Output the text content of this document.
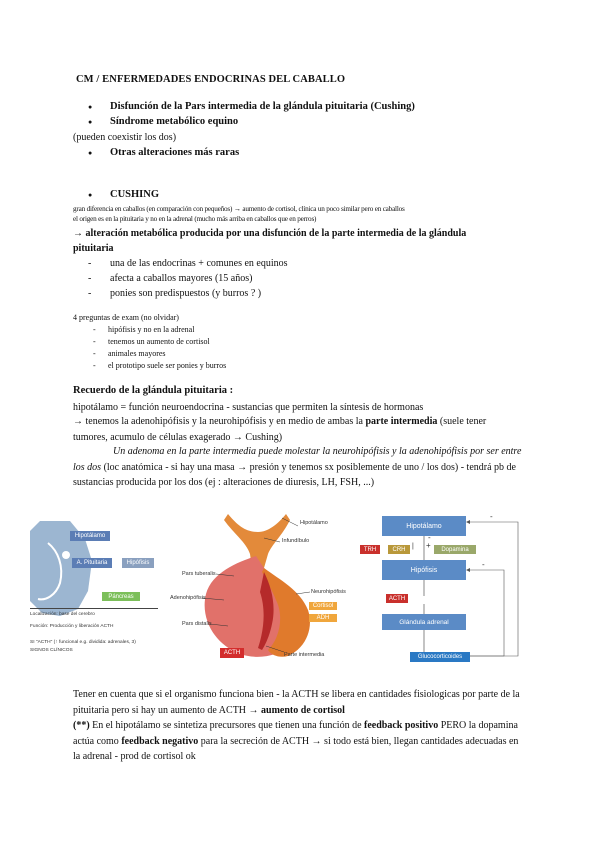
CM / ENFERMEDADES ENDOCRINAS DEL CABALLO
● Disfunción de la Pars intermedia de la glándula pituitaria (Cushing)
● Síndrome metabólico equino
(pueden coexistir los dos)
● Otras alteraciones más raras
● CUSHING
gran diferencia en caballos (en comparación con pequeños) → aumento de cortisol, clínica un poco similar pero en caballos
el origen es en la pituitaria y no en la adrenal (mucho más arriba en caballos que en perros)
→ alteración metabólica producida por una disfunción de la parte intermedia de la glándula
pituitaria
- una de las endocrinas + comunes en equinos
- afecta a caballos mayores (15 años)
- ponies son predispuestos (y burros ? )
4 preguntas de exam (no olvidar)
- hipófisis y no en la adrenal
- tenemos un aumento de cortisol
- animales mayores
- el prototipo suele ser ponies y burros
Recuerdo de la glándula pituitaria :
hipotálamo = función neuroendocrina - sustancias que permiten la síntesis de hormonas
→ tenemos la adenohipófisis y la neurohipófisis y en medio de ambas la parte intermedia (suele tener tumores, acumulo de células exagerado → Cushing)
Un adenoma en la parte intermedia puede molestar la neurohipófisis y la adenohipófisis por ser entre los dos (loc anatómica - si hay una masa → presión y tenemos sx posiblemente de uno / los dos) - tendrá pb de sustancias producida por los dos (ej : alteraciones de diuresis, LH, FSH, ...)
Hipotálamo
A. Pituitaria	Hipófisis
Páncreas
Localización: base del cerebro
Función: Producción y liberación ACTH
SI "ACTH" (↑ funcional e.g. dividida: adrenales, 3)
SIGNOS CLÍNICOS
Hipotálamo
Infundíbulo
Pars tuberalis
Adenohipófisis
Pars distalis
Neurohipófisis
Parte intermedia
Cortisol
ADH
ACTH
Hipotálamo
TRH	CRH | +	Dopamina
Hipófisis
ACTH
Glándula adrenal
Glucocorticoides
-
-
-
Tener en cuenta que si el organismo funciona bien - la ACTH se libera en cantidades fisiologicas por parte de la pituitaria pero si hay un aumento de ACTH → aumento de cortisol
(**) En el hipotálamo se sintetiza precursores que tienen una función de feedback positivo PERO la dopamina actúa como feedback negativo para la secreción de ACTH → si todo está bien, llegan cantidades adecuadas en la adrenal - prod de cortisol ok
